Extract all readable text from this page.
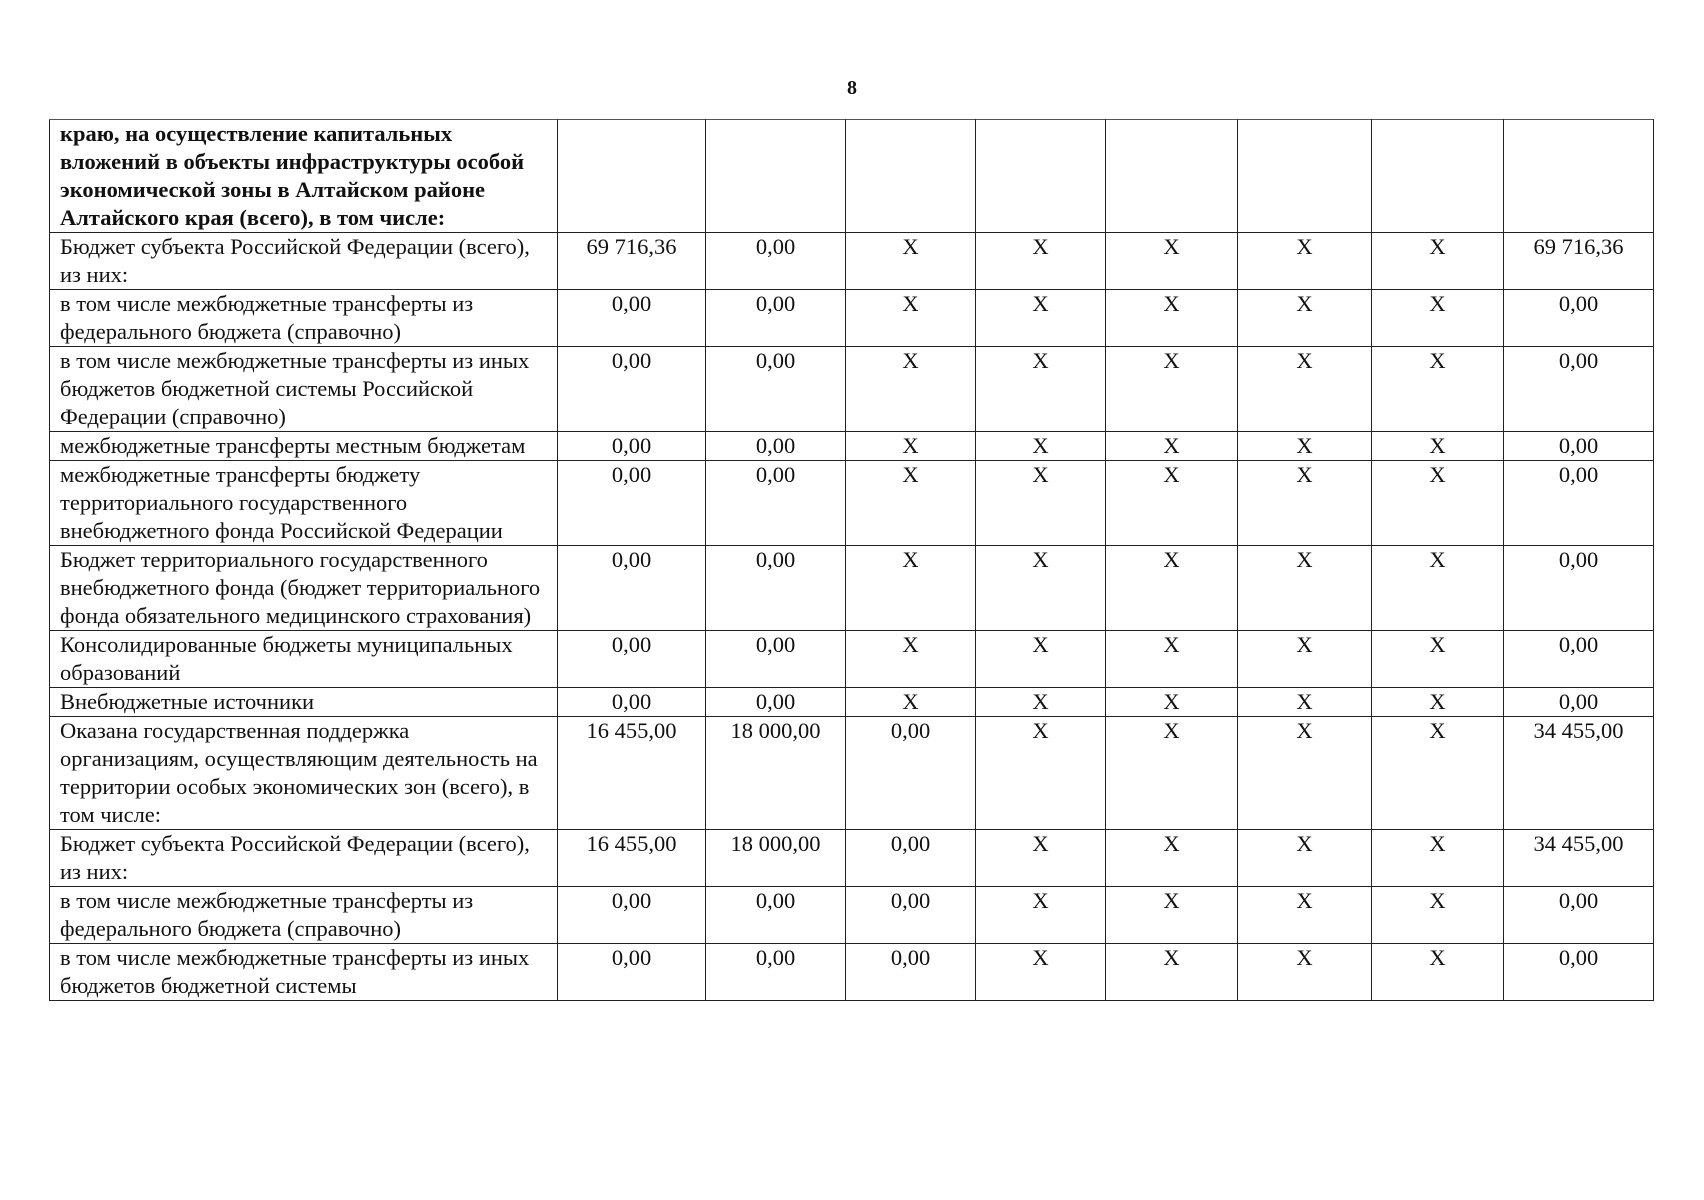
8
краю, на осуществление капитальных вложений в объекты инфраструктуры особой экономической зоны в Алтайском районе Алтайского края (всего), в том числе:								
Бюджет субъекта Российской Федерации (всего), из них:	69 716,36	0,00	X	X	X	X	X	69 716,36
в том числе межбюджетные трансферты из федерального бюджета (справочно)	0,00	0,00	X	X	X	X	X	0,00
в том числе межбюджетные трансферты из иных бюджетов бюджетной системы Российской Федерации (справочно)	0,00	0,00	X	X	X	X	X	0,00
межбюджетные трансферты местным бюджетам	0,00	0,00	X	X	X	X	X	0,00
межбюджетные трансферты бюджету территориального государственного внебюджетного фонда Российской Федерации	0,00	0,00	X	X	X	X	X	0,00
Бюджет территориального государственного внебюджетного фонда (бюджет территориального фонда обязательного медицинского страхования)	0,00	0,00	X	X	X	X	X	0,00
Консолидированные бюджеты муниципальных образований	0,00	0,00	X	X	X	X	X	0,00
Внебюджетные источники	0,00	0,00	X	X	X	X	X	0,00
Оказана государственная поддержка организациям, осуществляющим деятельность на территории особых экономических зон (всего), в том числе:	16 455,00	18 000,00	0,00	X	X	X	X	34 455,00
Бюджет субъекта Российской Федерации (всего), из них:	16 455,00	18 000,00	0,00	X	X	X	X	34 455,00
в том числе межбюджетные трансферты из федерального бюджета (справочно)	0,00	0,00	0,00	X	X	X	X	0,00
в том числе межбюджетные трансферты из иных бюджетов бюджетной системы	0,00	0,00	0,00	X	X	X	X	0,00
